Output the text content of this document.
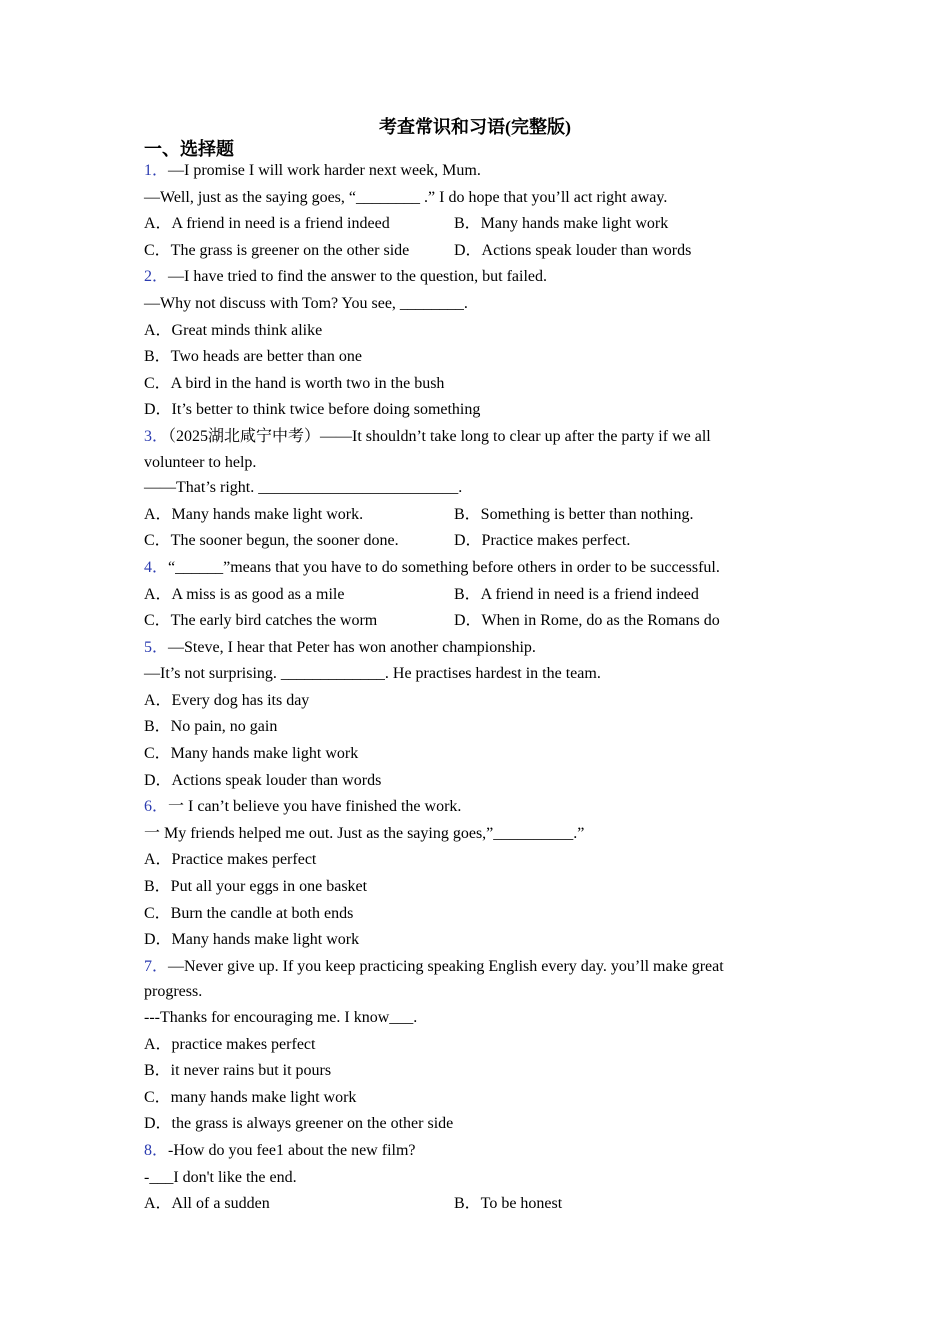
考查常识和习语(完整版)
一、选择题
1．—I promise I will work harder next week, Mum.
—Well, just as the saying goes, “________ .” I do hope that you’ll act right away.
A．A friend in need is a friend indeed	B．Many hands make light work
C．The grass is greener on the other side	D．Actions speak louder than words
2．—I have tried to find the answer to the question, but failed.
—Why not discuss with Tom? You see, ________.
A．Great minds think alike
B．Two heads are better than one
C．A bird in the hand is worth two in the bush
D．It’s better to think twice before doing something
3．（2025湖北咸宁中考）——It shouldn’t take long to clear up after the party if we all volunteer to help.
——That’s right. _________________________.
A．Many hands make light work.	B．Something is better than nothing.
C．The sooner begun, the sooner done.	D．Practice makes perfect.
4．“______”means that you have to do something before others in order to be successful.
A．A miss is as good as a mile	B．A friend in need is a friend indeed
C．The early bird catches the worm	D．When in Rome, do as the Romans do
5．—Steve, I hear that Peter has won another championship.
—It’s not surprising. _____________. He practises hardest in the team.
A．Every dog has its day
B．No pain, no gain
C．Many hands make light work
D．Actions speak louder than words
6．一 I can’t believe you have finished the work.
一 My friends helped me out. Just as the saying goes,”__________.”
A．Practice makes perfect
B．Put all your eggs in one basket
C．Burn the candle at both ends
D．Many hands make light work
7．—Never give up. If you keep practicing speaking English every day. you’ll make great progress.
---Thanks for encouraging me. I know___.
A．practice makes perfect
B．it never rains but it pours
C．many hands make light work
D．the grass is always greener on the other side
8．-How do you fee1 about the new film?
-___I don't like the end.
A．All of a sudden	B．To be honest
